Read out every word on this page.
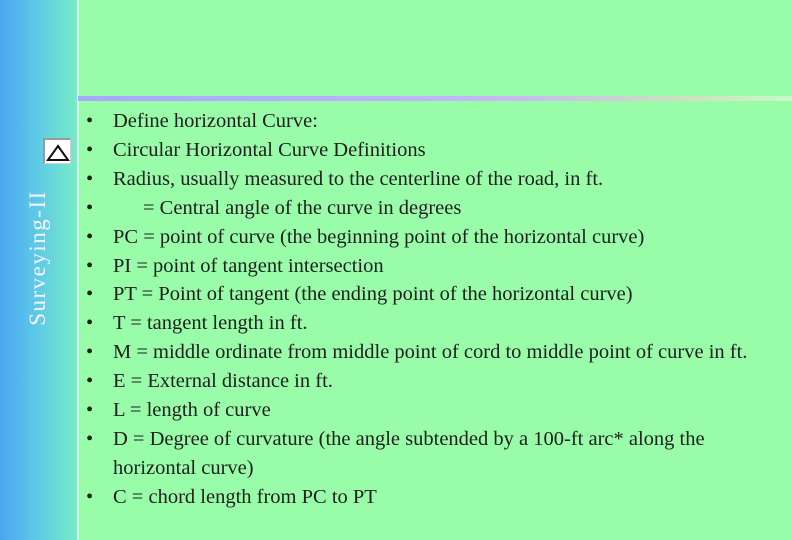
Surveying-II
• Define horizontal Curve:
• Circular Horizontal Curve Definitions
• Radius, usually measured to the centerline of the road, in ft.
• = Central angle of the curve in degrees
• PC = point of curve (the beginning point of the horizontal curve)
• PI = point of tangent intersection
• PT = Point of tangent (the ending point of the horizontal curve)
• T = tangent length in ft.
• M = middle ordinate from middle point of cord to middle point of curve in ft.
• E = External distance in ft.
• L = length of curve
• D = Degree of curvature (the angle subtended by a 100-ft arc* along the horizontal curve)
• C = chord length from PC to PT
